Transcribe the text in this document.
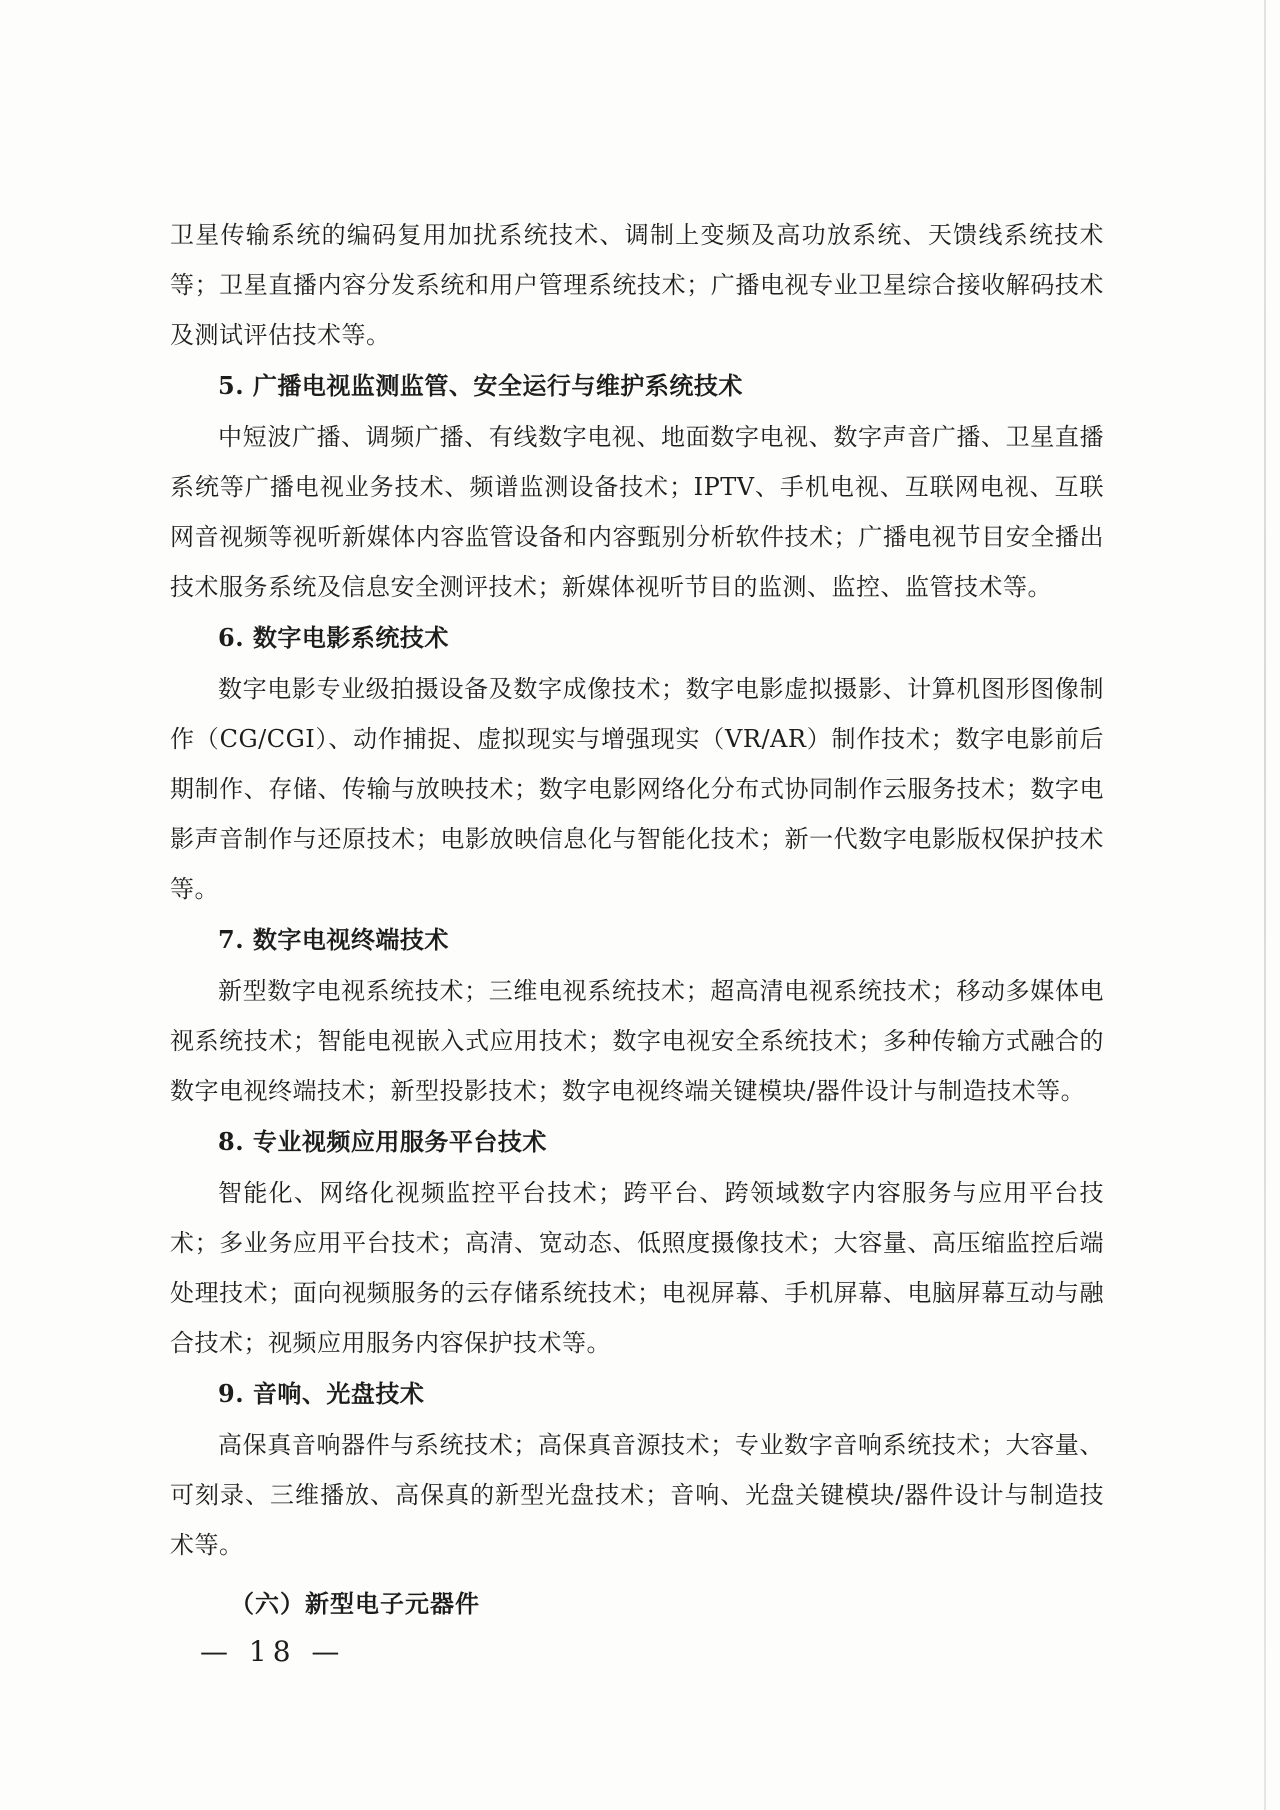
卫星传输系统的编码复用加扰系统技术、调制上变频及高功放系统、天馈线系统技术等；卫星直播内容分发系统和用户管理系统技术；广播电视专业卫星综合接收解码技术及测试评估技术等。

5. 广播电视监测监管、安全运行与维护系统技术

中短波广播、调频广播、有线数字电视、地面数字电视、数字声音广播、卫星直播系统等广播电视业务技术、频谱监测设备技术；IPTV、手机电视、互联网电视、互联网音视频等视听新媒体内容监管设备和内容甄别分析软件技术；广播电视节目安全播出技术服务系统及信息安全测评技术；新媒体视听节目的监测、监控、监管技术等。

6. 数字电影系统技术

数字电影专业级拍摄设备及数字成像技术；数字电影虚拟摄影、计算机图形图像制作（CG/CGI）、动作捕捉、虚拟现实与增强现实（VR/AR）制作技术；数字电影前后期制作、存储、传输与放映技术；数字电影网络化分布式协同制作云服务技术；数字电影声音制作与还原技术；电影放映信息化与智能化技术；新一代数字电影版权保护技术等。

7. 数字电视终端技术

新型数字电视系统技术；三维电视系统技术；超高清电视系统技术；移动多媒体电视系统技术；智能电视嵌入式应用技术；数字电视安全系统技术；多种传输方式融合的数字电视终端技术；新型投影技术；数字电视终端关键模块/器件设计与制造技术等。

8. 专业视频应用服务平台技术

智能化、网络化视频监控平台技术；跨平台、跨领域数字内容服务与应用平台技术；多业务应用平台技术；高清、宽动态、低照度摄像技术；大容量、高压缩监控后端处理技术；面向视频服务的云存储系统技术；电视屏幕、手机屏幕、电脑屏幕互动与融合技术；视频应用服务内容保护技术等。

9. 音响、光盘技术

高保真音响器件与系统技术；高保真音源技术；专业数字音响系统技术；大容量、可刻录、三维播放、高保真的新型光盘技术；音响、光盘关键模块/器件设计与制造技术等。

（六）新型电子元器件
— 18 —
